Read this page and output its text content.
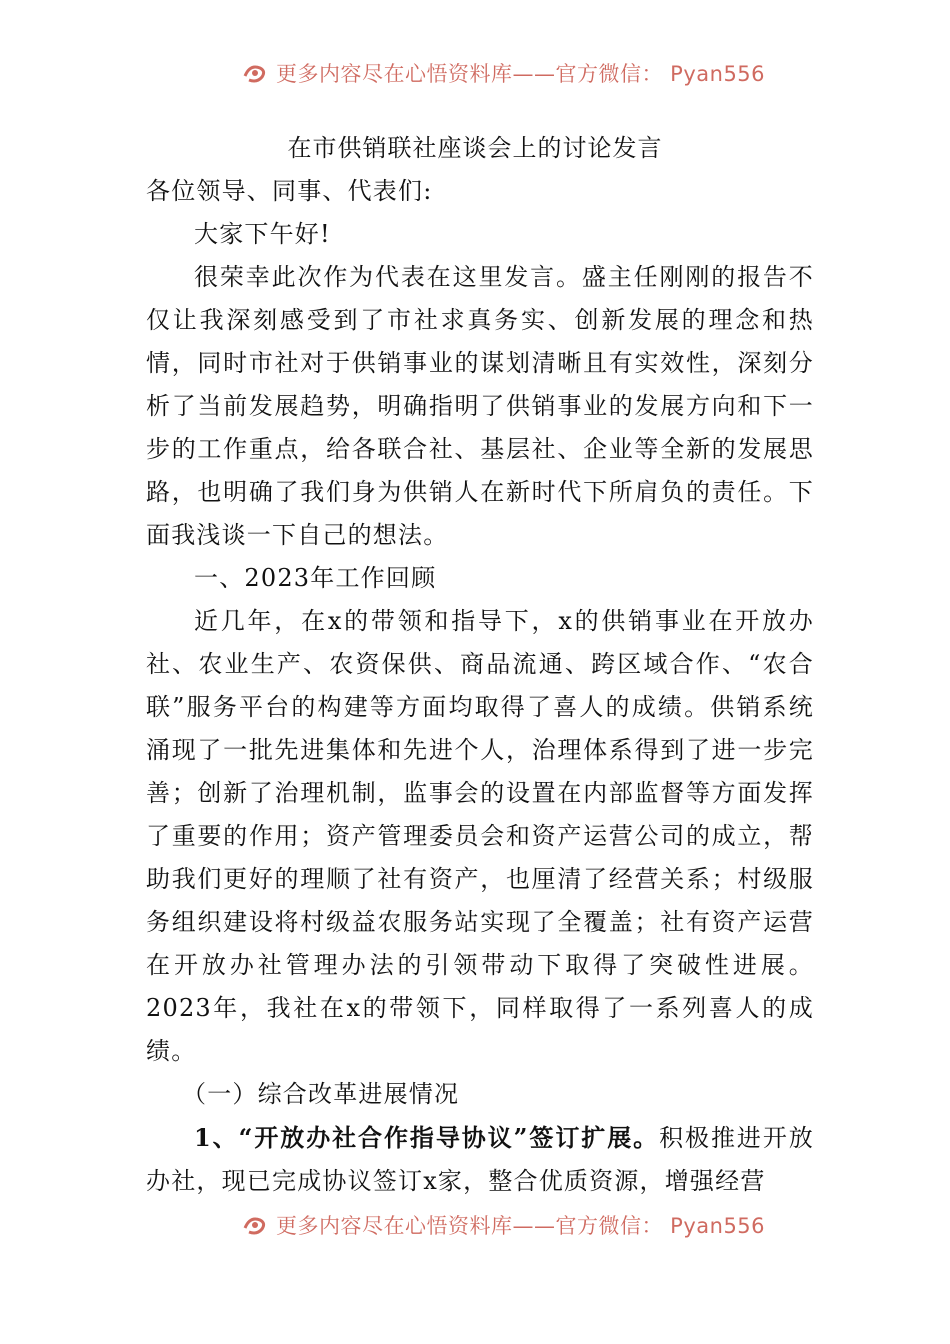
更多内容尽在心悟资料库——官方微信： Pyan556
在市供销联社座谈会上的讨论发言

各位领导、同事、代表们:

大家下午好!

很荣幸此次作为代表在这里发言。盛主任刚刚的报告不仅让我深刻感受到了市社求真务实、创新发展的理念和热情，同时市社对于供销事业的谋划清晰且有实效性，深刻分析了当前发展趋势，明确指明了供销事业的发展方向和下一步的工作重点，给各联合社、基层社、企业等全新的发展思路，也明确了我们身为供销人在新时代下所肩负的责任。下面我浅谈一下自己的想法。

一、2023年工作回顾

近几年，在x的带领和指导下，x的供销事业在开放办社、农业生产、农资保供、商品流通、跨区域合作、“农合联”服务平台的构建等方面均取得了喜人的成绩。供销系统涌现了一批先进集体和先进个人，治理体系得到了进一步完善；创新了治理机制，监事会的设置在内部监督等方面发挥了重要的作用；资产管理委员会和资产运营公司的成立，帮助我们更好的理顺了社有资产，也厘清了经营关系；村级服务组织建设将村级益农服务站实现了全覆盖；社有资产运营在开放办社管理办法的引领带动下取得了突破性进展。2023年，我社在x的带领下，同样取得了一系列喜人的成绩。

（一）综合改革进展情况

1、“开放办社合作指导协议”签订扩展。积极推进开放办社，现已完成协议签订x家，整合优质资源，增强经营

更多内容尽在心悟资料库——官方微信： Pyan556
